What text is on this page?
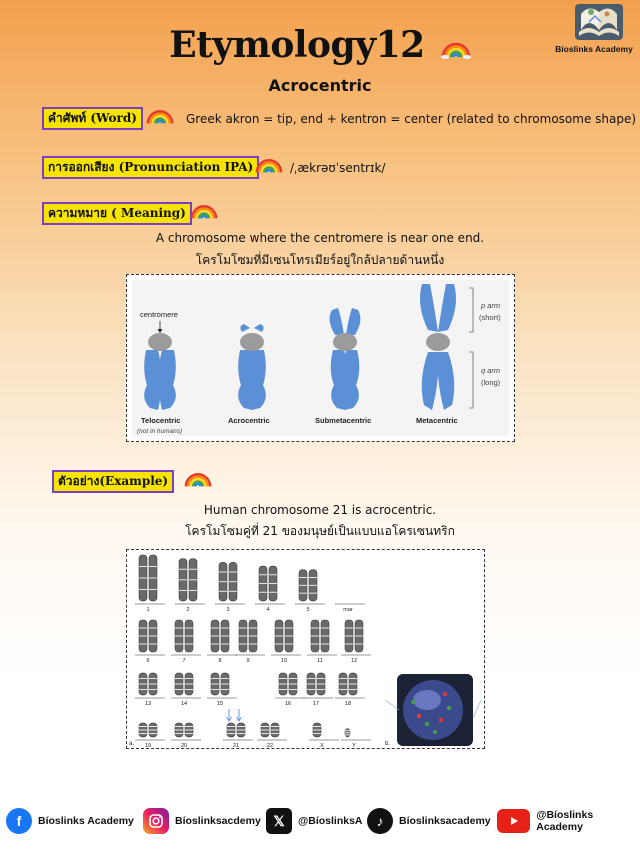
Etymology12
Acrocentric
Bíoslinks Academy
คำศัพท์ (Word)	Greek akron = tip, end + kentron = center (related to chromosome shape)
การออกเสียง (Pronunciation IPA)	/ˌækrəʊˈsentrɪk/
ความหมาย ( Meaning)
A chromosome where the centromere is near one end.
โครโมโซมที่มีเซนโทรเมียร์อยู่ใกล้ปลายด้านหนึ่ง
centromere
p arm
(short)
q arm
(long)
Telocentric
(not in humans)
Acrocentric	Submetacentric	Metacentric
ตัวอย่าง(Example)
Human chromosome 21 is acrocentric.
โครโมโซมคู่ที่ 21 ของมนุษย์เป็นแบบแอโครเซนทริก
1	2	3	4	5	mar
6	7	8	9	10	11	12
13	14	15	16	17	18
19	20	21	22	X	Y
a.	b.
f	Bíoslinks Academy	Bíoslinksacdemy 𝕏	@BíoslinksA ♪	Bíoslinksacademy	@Bíoslinks Academy
